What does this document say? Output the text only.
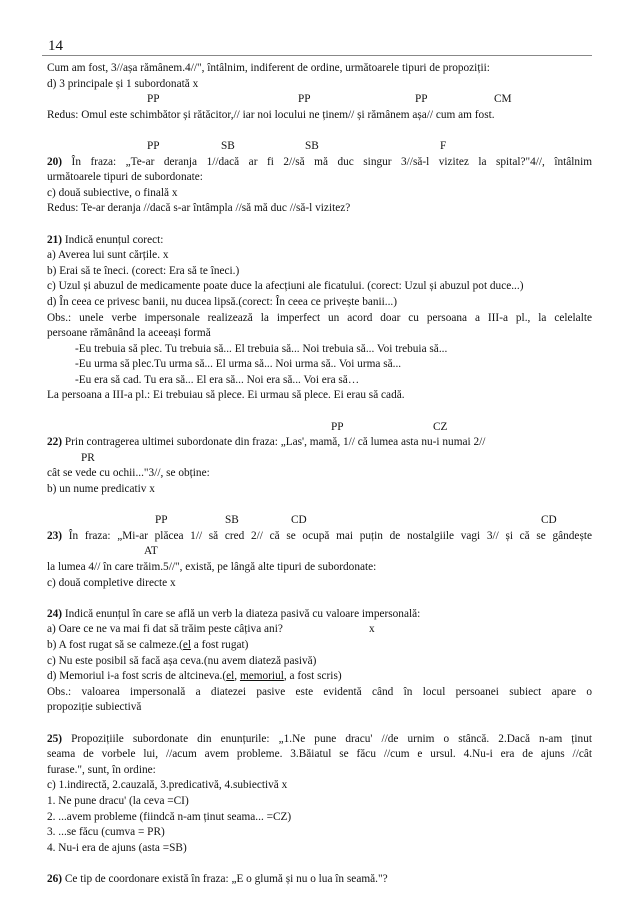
14
Cum am fost, 3//așa rămânem.4//", întâlnim, indiferent de ordine, următoarele tipuri de propoziții:
d) 3 principale și 1 subordonată x
PP	PP	PP	CM
Redus: Omul este schimbător și rătăcitor,// iar noi locului ne ținem// și rămânem așa// cum am fost.
PP	SB	SB	F
20) În fraza: „Te-ar deranja 1//dacă ar fi 2//să mă duc singur 3//să-l vizitez la spital?"4//, întâlnim
următoarele tipuri de subordonate:
c) două subiective, o finală x
Redus: Te-ar deranja //dacă s-ar întâmpla //să mă duc //să-l vizitez?
21) Indică enunțul corect:
a) Averea lui sunt cărțile. x
b) Erai să te îneci. (corect: Era să te îneci.)
c) Uzul și abuzul de medicamente poate duce la afecțiuni ale ficatului. (corect: Uzul și abuzul pot duce...)
d) În ceea ce privesc banii, nu ducea lipsă.(corect: În ceea ce privește banii...)
Obs.: unele verbe impersonale realizează la imperfect un acord doar cu persoana a III-a pl., la celelalte
persoane rămânând la aceeași formă
-Eu trebuia să plec. Tu trebuia să... El trebuia să... Noi trebuia să... Voi trebuia să...
-Eu urma să plec.Tu urma să... El urma să... Noi urma să.. Voi urma să...
-Eu era să cad. Tu era să... El era să... Noi era să... Voi era să…
La persoana a III-a pl.: Ei trebuiau să plece. Ei urmau să plece. Ei erau să cadă.
PP	CZ
22) Prin contragerea ultimei subordonate din fraza: „Las', mamă, 1// că lumea asta nu-i numai 2//
PR
cât se vede cu ochii..."3//, se obține:
b) un nume predicativ x
PP	SB	CD	CD
23) În fraza: „Mi-ar plăcea 1// să cred 2// că se ocupă mai puțin de nostalgiile vagi 3// și că se gândește
AT
la lumea 4// în care trăim.5//", există, pe lângă alte tipuri de subordonate:
c) două completive directe x
24) Indică enunțul în care se află un verb la diateza pasivă cu valoare impersonală:
a) Oare ce ne va mai fi dat să trăim peste câțiva ani?	x
b) A fost rugat să se calmeze.(el a fost rugat)
c) Nu este posibil să facă așa ceva.(nu avem diateză pasivă)
d) Memoriul i-a fost scris de altcineva.(el, memoriul, a fost scris)
Obs.: valoarea impersonală a diatezei pasive este evidentă când în locul persoanei subiect apare o
propoziție subiectivă
25) Propozițiile subordonate din enunțurile: „1.Ne pune dracu' //de urnim o stâncă. 2.Dacă n-am ținut
seama de vorbele lui, //acum avem probleme. 3.Băiatul se făcu //cum e ursul. 4.Nu-i era de ajuns //cât
furase.", sunt, în ordine:
c) 1.indirectă, 2.cauzală, 3.predicativă, 4.subiectivă x
1. Ne pune dracu' (la ceva =CI)
2. ...avem probleme (fiindcă n-am ținut seama... =CZ)
3. ...se făcu (cumva = PR)
4. Nu-i era de ajuns (asta =SB)
26) Ce tip de coordonare există în fraza: „E o glumă și nu o lua în seamă."?
